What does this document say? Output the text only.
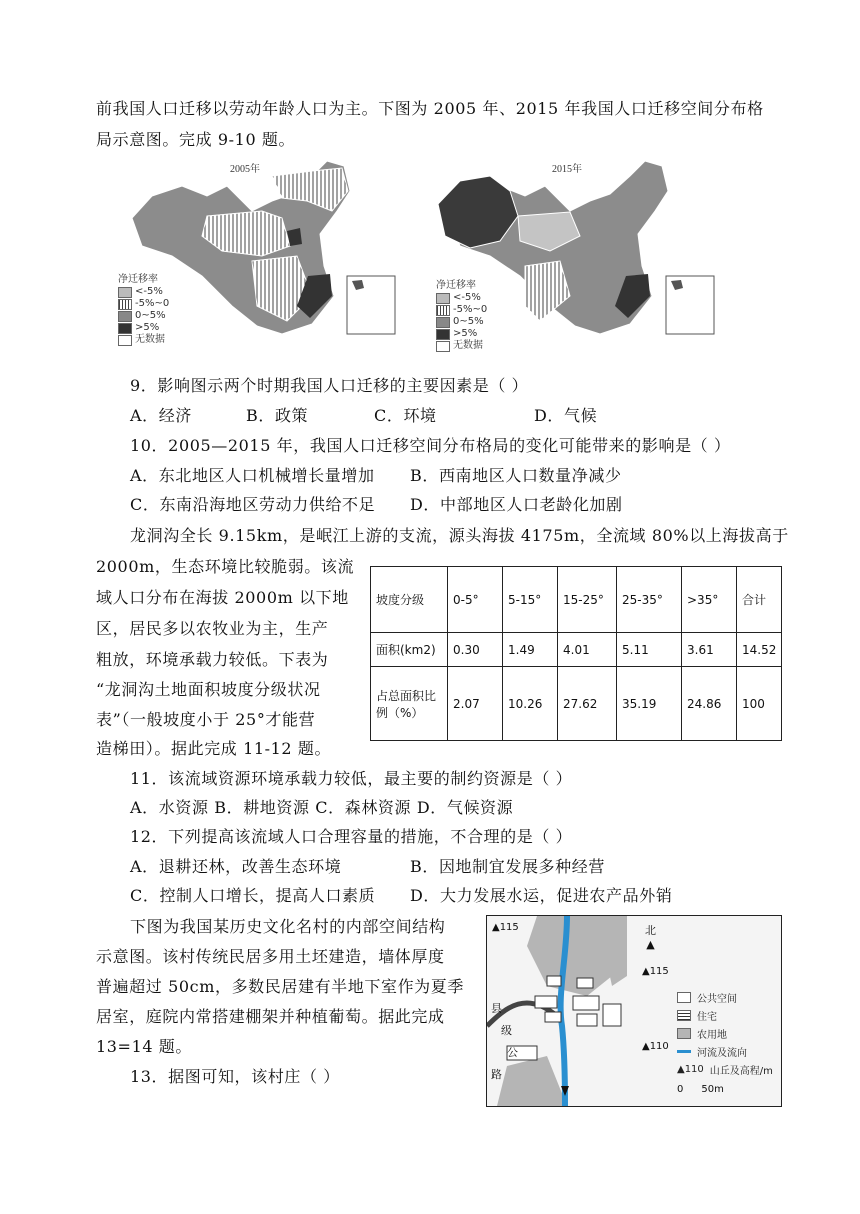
前我国人口迁移以劳动年龄人口为主。下图为 2005 年、2015 年我国人口迁移空间分布格
局示意图。完成 9-10 题。
2005年
净迁移率
<-5%
-5%~0
0~5%
>5%
无数据
2015年
净迁移率
<-5%
-5%~0
0~5%
>5%
无数据
9．影响图示两个时期我国人口迁移的主要因素是（ ）
A．经济	B．政策	C．环境	D．气候
10．2005—2015 年，我国人口迁移空间分布格局的变化可能带来的影响是（ ）
A．东北地区人口机械增长量增加 B．西南地区人口数量净减少
C．东南沿海地区劳动力供给不足 D．中部地区人口老龄化加剧
龙洞沟全长 9.15km，是岷江上游的支流，源头海拔 4175m，全流域 80%以上海拔高于
2000m，生态环境比较脆弱。该流
域人口分布在海拔 2000m 以下地
区，居民多以农牧业为主，生产
粗放，环境承载力较低。下表为
“龙洞沟土地面积坡度分级状况
表”（一般坡度小于 25°才能营
造梯田）。据此完成 11-12 题。
坡度分级	0-5°	5-15°	15-25°	25-35°	>35°	合计
面积(km2)	0.30	1.49	4.01	5.11	3.61	14.52
占总面积比例（%）	2.07	10.26	27.62	35.19	24.86	100
11．该流域资源环境承载力较低，最主要的制约资源是（ ）
A．水资源 B．耕地资源 C．森林资源 D．气候资源
12．下列提高该流域人口合理容量的措施，不合理的是（ ）
A．退耕还林，改善生态环境	B．因地制宜发展多种经营
C．控制人口增长，提高人口素质 D．大力发展水运，促进农产品外销
下图为我国某历史文化名村的内部空间结构
示意图。该村传统民居多用土坯建造，墙体厚度
普遍超过 50cm，多数民居建有半地下室作为夏季
居室，庭院内常搭建棚架并种植葡萄。据此完成
13=14 题。
13．据图可知，该村庄（ ）
▲115	北
▲
▲115
▲110
县
级
公
路
公共空间
住宅
农用地
河流及流向
▲110 山丘及高程/m
0 50m
